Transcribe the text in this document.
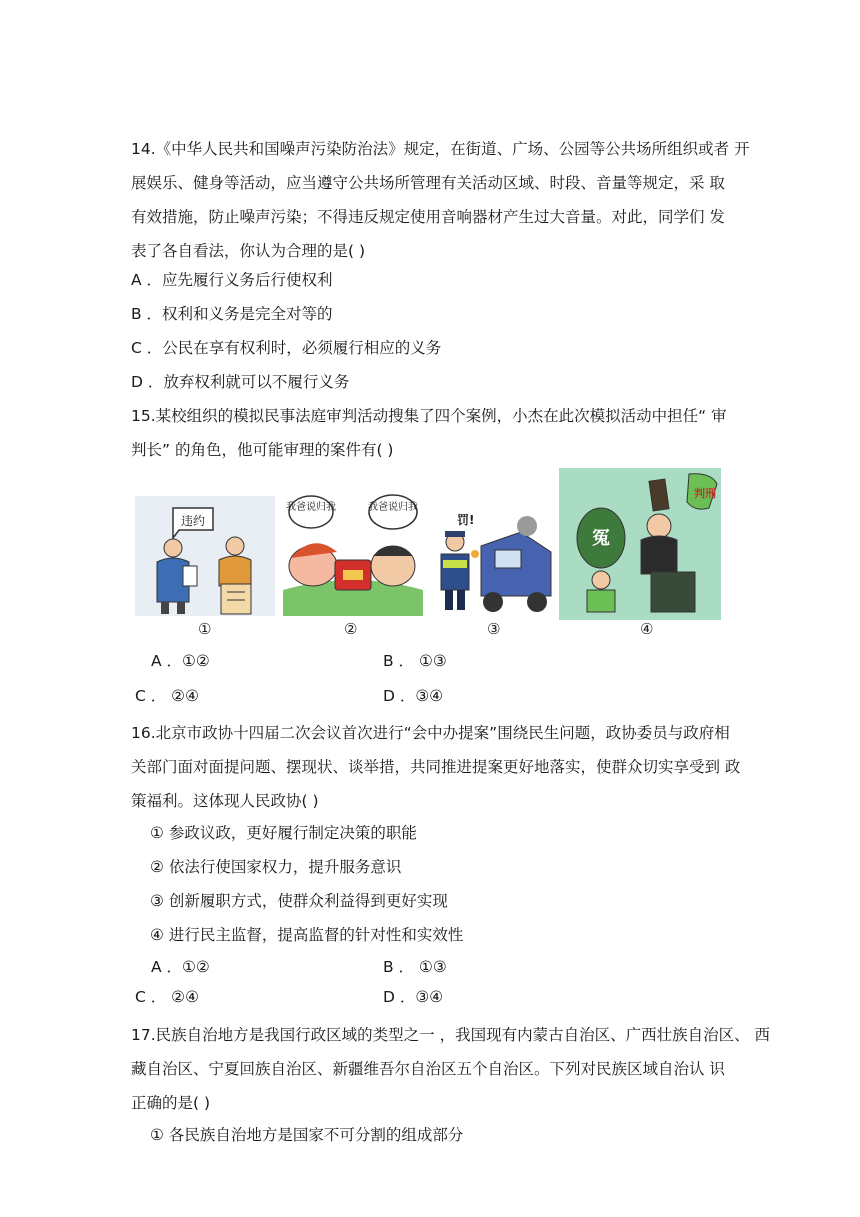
14.《中华人民共和国噪声污染防治法》规定，在街道、广场、公园等公共场所组织或者 开
展娱乐、健身等活动，应当遵守公共场所管理有关活动区域、时段、音量等规定，采 取
有效措施，防止噪声污染；不得违反规定使用音响器材产生过大音量。对此，同学们 发
表了各自看法，你认为合理的是( )
A ．应先履行义务后行使权利
B ．权利和义务是完全对等的
C ．公民在享有权利时，必须履行相应的义务
D ．放弃权利就可以不履行义务
15.某校组织的模拟民事法庭审判活动搜集了四个案例，小杰在此次模拟活动中担任“ 审
判长” 的角色，他可能审理的案件有( )
违约
我爸说归我	我爸说归我
罚!
判刑
冤
①	②	③	④
A ．①②	B ． ①③
C ． ②④	D ．③④
16.北京市政协十四届二次会议首次进行“会中办提案”围绕民生问题，政协委员与政府相
关部门面对面提问题、摆现状、谈举措，共同推进提案更好地落实，使群众切实享受到 政
策福利。这体现人民政协( )
① 参政议政，更好履行制定决策的职能
② 依法行使国家权力，提升服务意识
③ 创新履职方式，使群众利益得到更好实现
④ 进行民主监督，提高监督的针对性和实效性
A ．①②	B ． ①③
C ． ②④	D ．③④
17.民族自治地方是我国行政区域的类型之一 ，我国现有内蒙古自治区、广西壮族自治区、 西
藏自治区、宁夏回族自治区、新疆维吾尔自治区五个自治区。下列对民族区域自治认 识
正确的是( )
① 各民族自治地方是国家不可分割的组成部分
